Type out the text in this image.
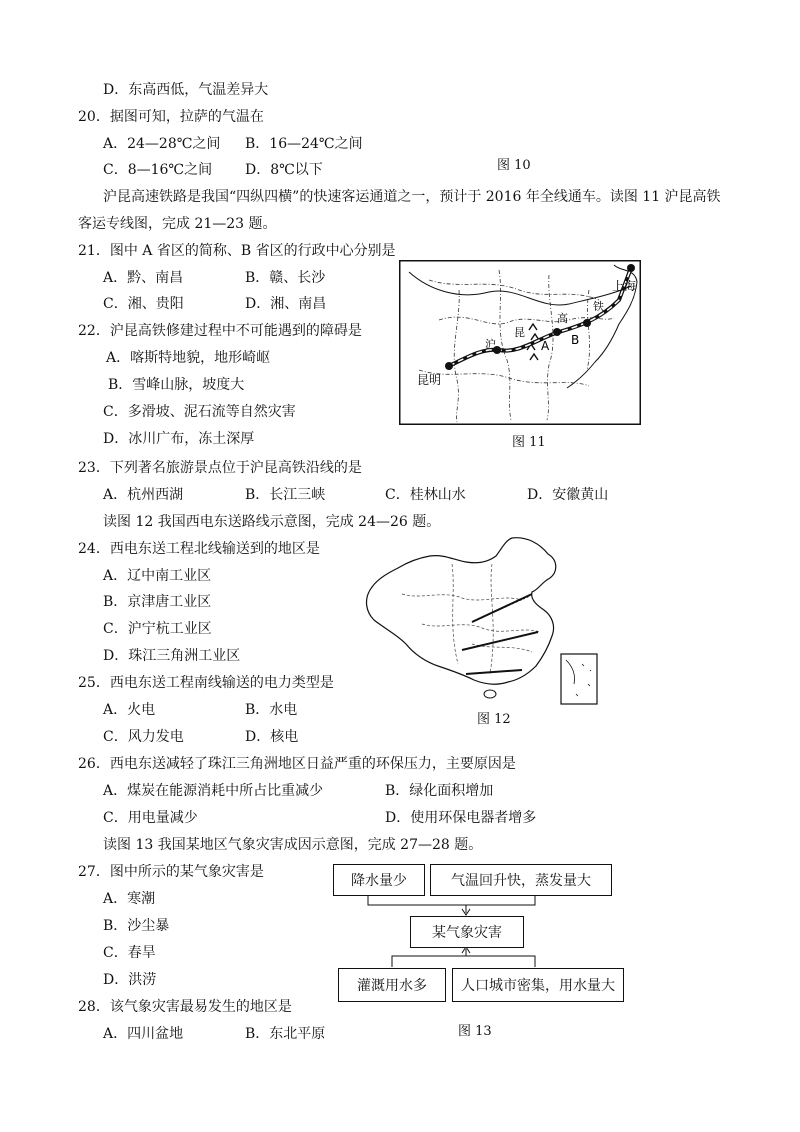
D．东高西低，气温差异大
20．据图可知，拉萨的气温在
A．24—28℃之间 B．16—24℃之间
C．8—16℃之间 D．8℃以下	图 10
沪昆高速铁路是我国“四纵四横”的快速客运通道之一，预计于 2016 年全线通车。读图 11 沪昆高铁
客运专线图，完成 21—23 题。
21．图中 A 省区的简称、B 省区的行政中心分别是
A．黔、南昌	B．赣、长沙
C．湘、贵阳	D．湘、南昌
22．沪昆高铁修建过程中不可能遇到的障碍是
A．喀斯特地貌，地形崎岖
B．雪峰山脉，坡度大
C．多滑坡、泥石流等自然灾害
D．冰川广布，冻土深厚
上海
昆明
A B
沪
昆
高
铁
图 11
23．下列著名旅游景点位于沪昆高铁沿线的是
A．杭州西湖	B．长江三峡	C．桂林山水	D．安徽黄山
读图 12 我国西电东送路线示意图，完成 24—26 题。
24．西电东送工程北线输送到的地区是
A．辽中南工业区
B．京津唐工业区
C．沪宁杭工业区
D．珠江三角洲工业区
图 12
25．西电东送工程南线输送的电力类型是
A．火电	B．水电
C．风力发电	D．核电
26．西电东送减轻了珠江三角洲地区日益严重的环保压力，主要原因是
A．煤炭在能源消耗中所占比重减少	B．绿化面积增加
C．用电量减少	D．使用环保电器者增多
读图 13 我国某地区气象灾害成因示意图，完成 27—28 题。
27．图中所示的某气象灾害是
A．寒潮
B．沙尘暴
C．春旱
D．洪涝
降水量少	气温回升快，蒸发量大
某气象灾害
灌溉用水多	人口城市密集，用水量大
图 13
28．该气象灾害最易发生的地区是
A．四川盆地	B．东北平原
